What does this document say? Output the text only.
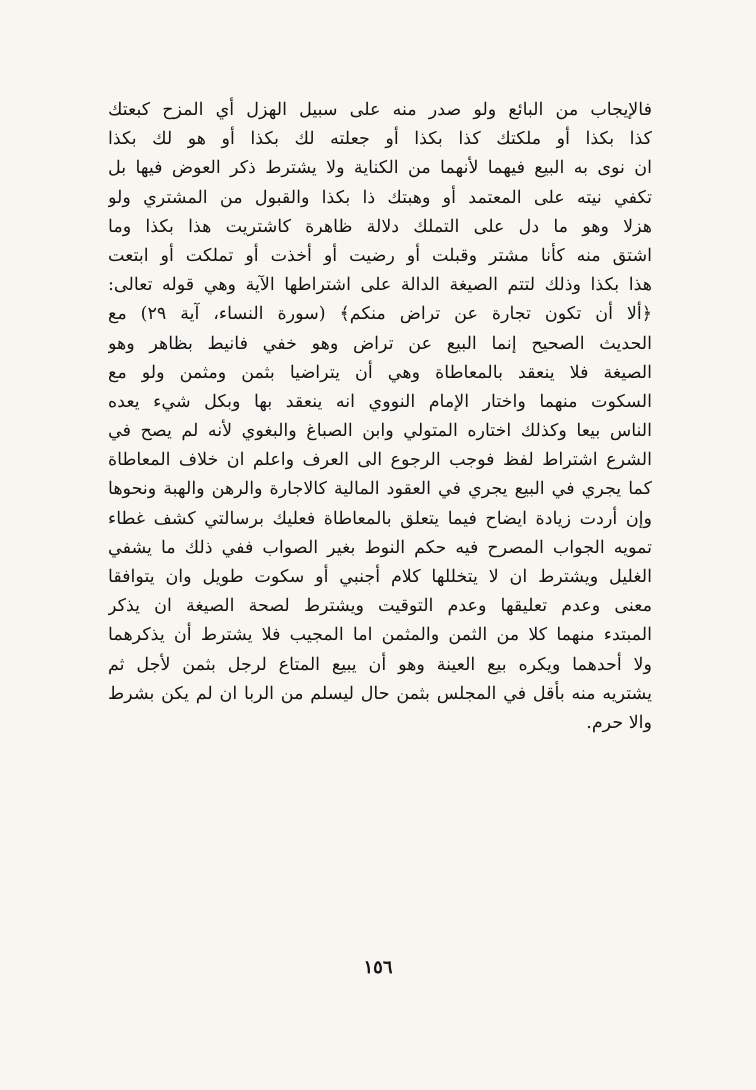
فالإيجاب من البائع ولو صدر منه على سبيل الهزل أي المزح كبعتك
كذا بكذا أو ملكتك كذا بكذا أو جعلته لك بكذا أو هو لك بكذا
ان نوى به البيع فيهما لأنهما من الكناية ولا يشترط ذكر العوض فيها بل
تكفي نيته على المعتمد أو وهبتك ذا بكذا والقبول من المشتري ولو
هزلا وهو ما دل على التملك دلالة ظاهرة كاشتريت هذا بكذا وما
اشتق منه كأنا مشتر وقبلت أو رضيت أو أخذت أو تملكت أو ابتعت
هذا بكذا وذلك لتتم الصيغة الدالة على اشتراطها الآية وهي قوله تعالى:
﴿ألا أن تكون تجارة عن تراض منكم﴾ (سورة النساء، آية ٢٩) مع
الحديث الصحيح إنما البيع عن تراض وهو خفي فانيط بظاهر وهو
الصيغة فلا ينعقد بالمعاطاة وهي أن يتراضيا بثمن ومثمن ولو مع
السكوت منهما واختار الإمام النووي انه ينعقد بها وبكل شيء يعده
الناس بيعا وكذلك اختاره المتولي وابن الصباغ والبغوي لأنه لم يصح في
الشرع اشتراط لفظ فوجب الرجوع الى العرف واعلم ان خلاف المعاطاة
كما يجري في البيع يجري في العقود المالية كالاجارة والرهن والهبة ونحوها
وإن أردت زيادة ايضاح فيما يتعلق بالمعاطاة فعليك برسالتي كشف غطاء
تمويه الجواب المصرح فيه حكم النوط بغير الصواب ففي ذلك ما يشفي
الغليل ويشترط ان لا يتخللها كلام أجنبي أو سكوت طويل وان يتوافقا
معنى وعدم تعليقها وعدم التوقيت ويشترط لصحة الصيغة ان يذكر
المبتدء منهما كلا من الثمن والمثمن اما المجيب فلا يشترط أن يذكرهما
ولا أحدهما ويكره بيع العينة وهو أن يبيع المتاع لرجل بثمن لأجل ثم
يشتريه منه بأقل في المجلس بثمن حال ليسلم من الربا ان لم يكن بشرط
والا حرم.
١٥٦
